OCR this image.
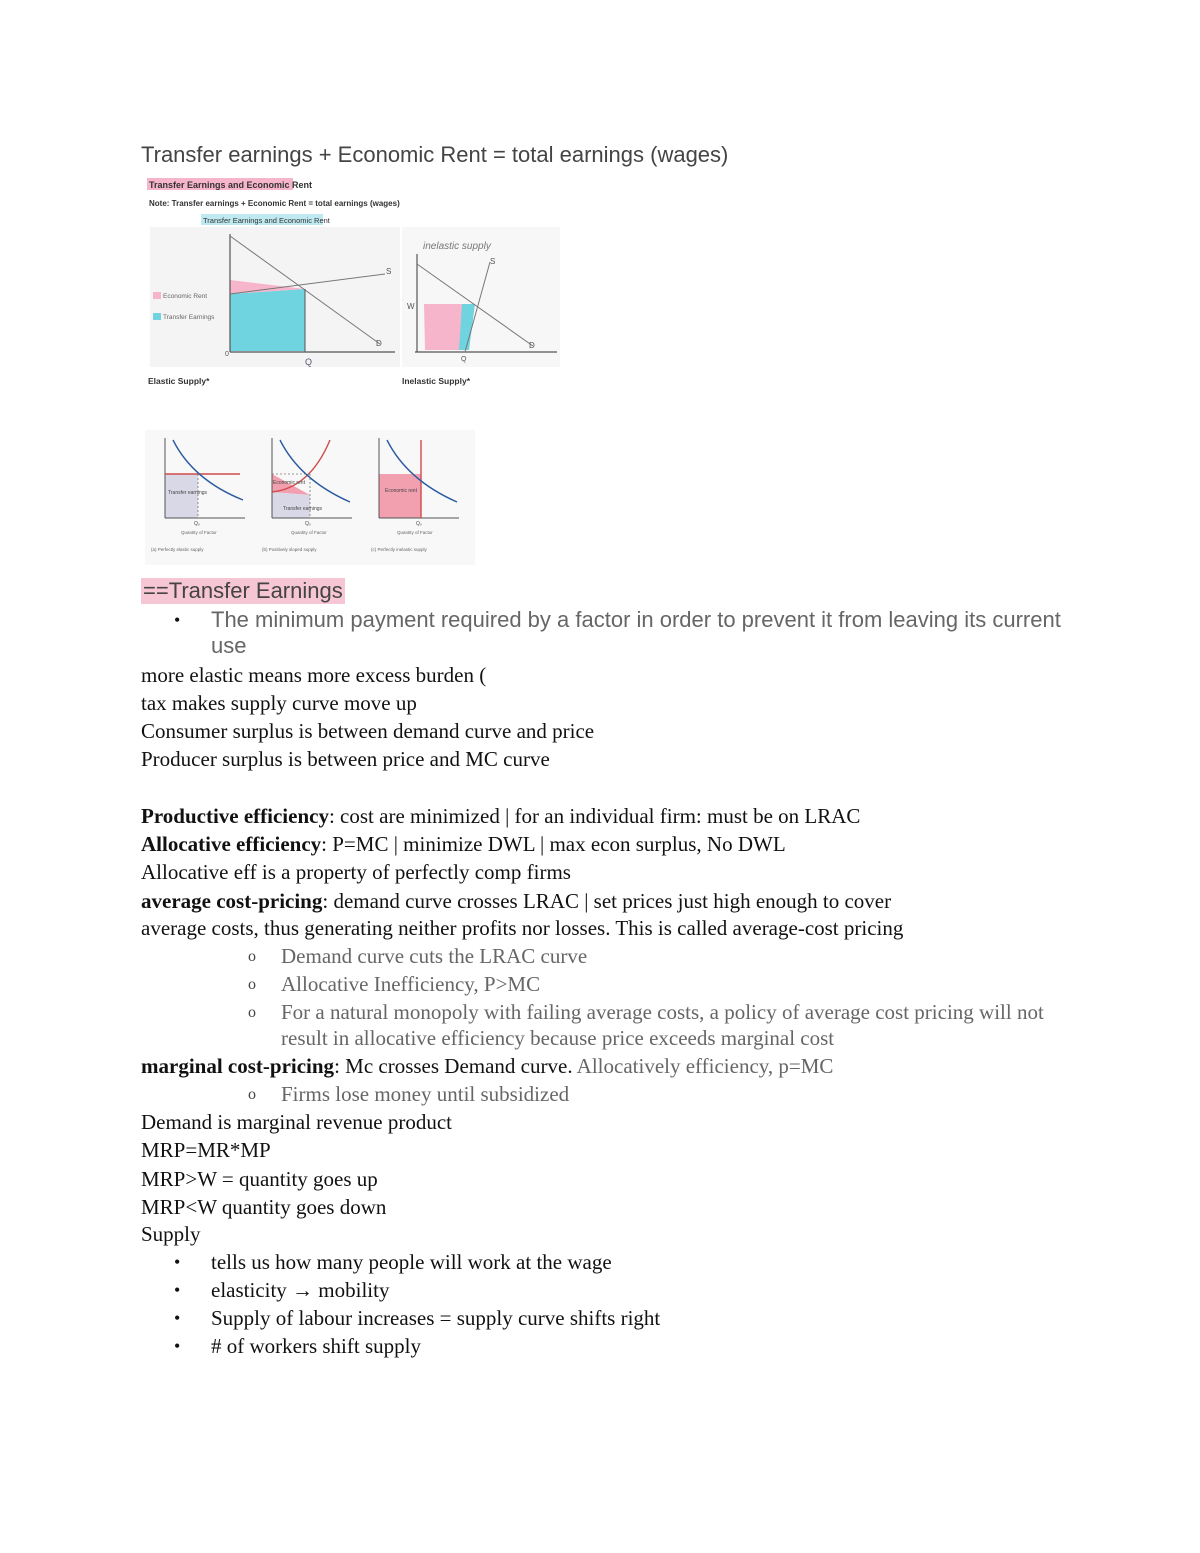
Transfer earnings + Economic Rent = total earnings (wages)
Transfer Earnings and Economic Rent
Note: Transfer earnings + Economic Rent = total earnings (wages)
Transfer Earnings and Economic Rent
S
D
Q
0
Economic Rent
Transfer Earnings
inelastic supply
S
D
W
Q
Elastic Supply*	Inelastic Supply*
Transfer earnings
Q₀
Quantity of Factor
(a) Perfectly elastic supply
Economic rent
Transfer earnings
Q₀
Quantity of Factor
(b) Positively sloped supply
Economic rent
Q₀
Quantity of Factor
(c) Perfectly inelastic supply
==Transfer Earnings
• The minimum payment required by a factor in order to prevent it from leaving its current use
more elastic means more excess burden (
tax makes supply curve move up
Consumer surplus is between demand curve and price
Producer surplus is between price and MC curve
Productive efficiency: cost are minimized | for an individual firm: must be on LRAC
Allocative efficiency: P=MC | minimize DWL | max econ surplus, No DWL
Allocative eff is a property of perfectly comp firms
average cost-pricing: demand curve crosses LRAC | set prices just high enough to cover
average costs, thus generating neither profits nor losses. This is called average-cost pricing
o Demand curve cuts the LRAC curve
o Allocative Inefficiency, P>MC
o For a natural monopoly with failing average costs, a policy of average cost pricing will not result in allocative efficiency because price exceeds marginal cost
marginal cost-pricing: Mc crosses Demand curve. Allocatively efficiency, p=MC
o Firms lose money until subsidized
Demand is marginal revenue product
MRP=MR*MP
MRP>W = quantity goes up
MRP<W quantity goes down
Supply
• tells us how many people will work at the wage
• elasticity → mobility
• Supply of labour increases = supply curve shifts right
• # of workers shift supply
